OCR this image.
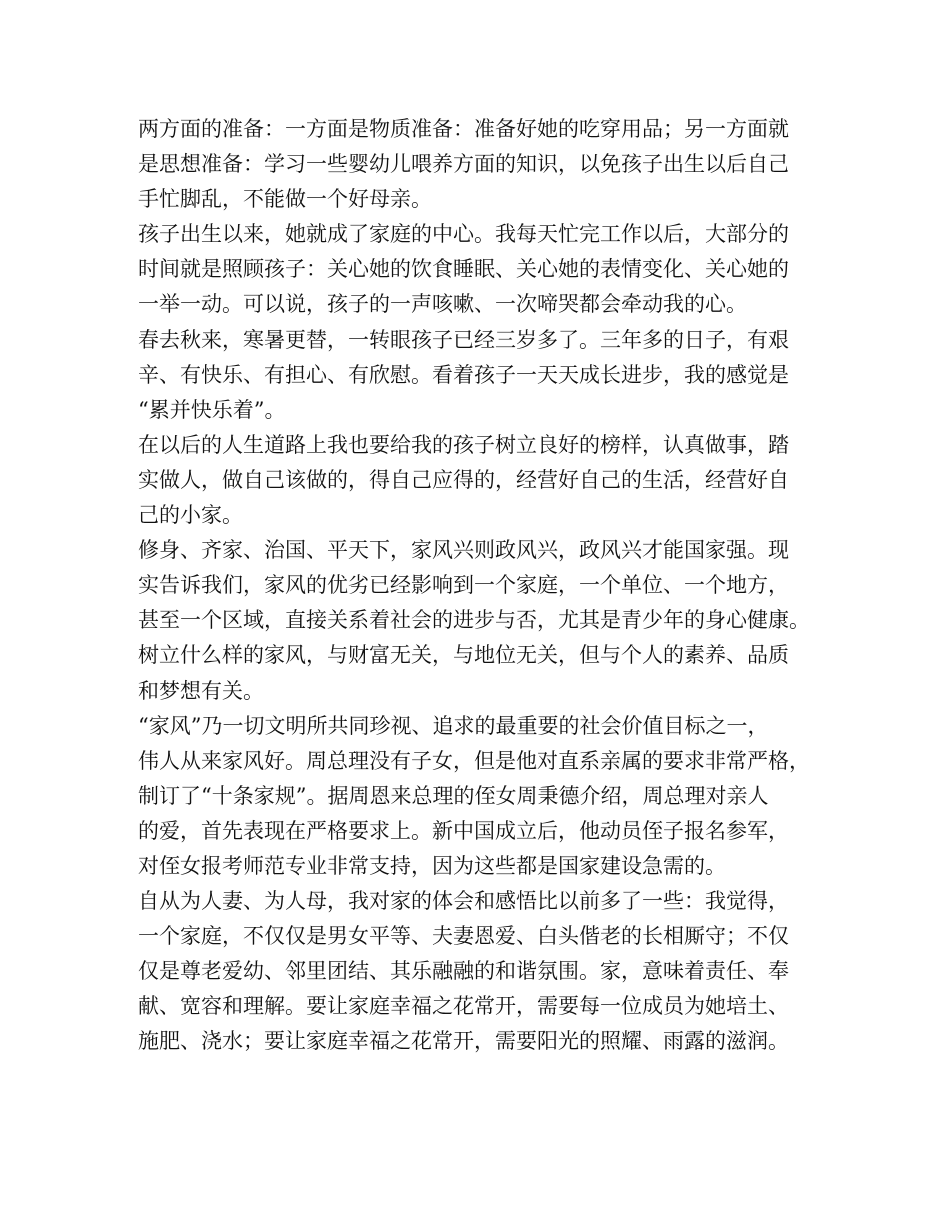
两方面的准备：一方面是物质准备：准备好她的吃穿用品；另一方面就
是思想准备：学习一些婴幼儿喂养方面的知识，以免孩子出生以后自己
手忙脚乱，不能做一个好母亲。

孩子出生以来，她就成了家庭的中心。我每天忙完工作以后，大部分的
时间就是照顾孩子：关心她的饮食睡眠、关心她的表情变化、关心她的
一举一动。可以说，孩子的一声咳嗽、一次啼哭都会牵动我的心。

春去秋来，寒暑更替，一转眼孩子已经三岁多了。三年多的日子，有艰
辛、有快乐、有担心、有欣慰。看着孩子一天天成长进步，我的感觉是
“累并快乐着”。

在以后的人生道路上我也要给我的孩子树立良好的榜样，认真做事，踏
实做人，做自己该做的，得自己应得的，经营好自己的生活，经营好自
己的小家。

修身、齐家、治国、平天下，家风兴则政风兴，政风兴才能国家强。现
实告诉我们，家风的优劣已经影响到一个家庭，一个单位、一个地方，
甚至一个区域，直接关系着社会的进步与否，尤其是青少年的身心健康。
树立什么样的家风，与财富无关，与地位无关，但与个人的素养、品质
和梦想有关。

“家风”乃一切文明所共同珍视、追求的最重要的社会价值目标之一，
伟人从来家风好。周总理没有子女，但是他对直系亲属的要求非常严格，
制订了“十条家规”。据周恩来总理的侄女周秉德介绍，周总理对亲人
的爱，首先表现在严格要求上。新中国成立后，他动员侄子报名参军，
对侄女报考师范专业非常支持，因为这些都是国家建设急需的。

自从为人妻、为人母，我对家的体会和感悟比以前多了一些：我觉得，
一个家庭，不仅仅是男女平等、夫妻恩爱、白头偕老的长相厮守；不仅
仅是尊老爱幼、邻里团结、其乐融融的和谐氛围。家，意味着责任、奉
献、宽容和理解。要让家庭幸福之花常开，需要每一位成员为她培土、
施肥、浇水；要让家庭幸福之花常开，需要阳光的照耀、雨露的滋润。
